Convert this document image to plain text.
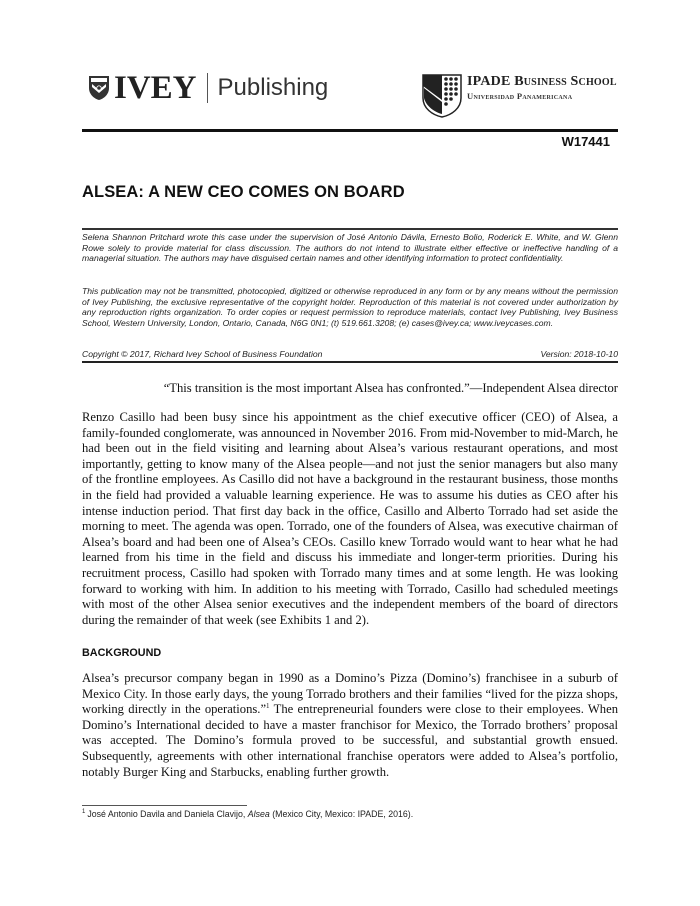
IVEY Publishing	IPADE Business School
Universidad Panamericana
W17441
ALSEA: A NEW CEO COMES ON BOARD
Selena Shannon Pritchard wrote this case under the supervision of José Antonio Dávila, Ernesto Bolio, Roderick E. White, and W. Glenn Rowe solely to provide material for class discussion. The authors do not intend to illustrate either effective or ineffective handling of a managerial situation. The authors may have disguised certain names and other identifying information to protect confidentiality.
This publication may not be transmitted, photocopied, digitized or otherwise reproduced in any form or by any means without the permission of Ivey Publishing, the exclusive representative of the copyright holder. Reproduction of this material is not covered under authorization by any reproduction rights organization. To order copies or request permission to reproduce materials, contact Ivey Publishing, Ivey Business School, Western University, London, Ontario, Canada, N6G 0N1; (t) 519.661.3208; (e) cases@ivey.ca; www.iveycases.com.
Copyright © 2017, Richard Ivey School of Business Foundation	Version: 2018-10-10
“This transition is the most important Alsea has confronted.”—Independent Alsea director
Renzo Casillo had been busy since his appointment as the chief executive officer (CEO) of Alsea, a family-founded conglomerate, was announced in November 2016. From mid-November to mid-March, he had been out in the field visiting and learning about Alsea’s various restaurant operations, and most importantly, getting to know many of the Alsea people—and not just the senior managers but also many of the frontline employees. As Casillo did not have a background in the restaurant business, those months in the field had provided a valuable learning experience. He was to assume his duties as CEO after his intense induction period. That first day back in the office, Casillo and Alberto Torrado had set aside the morning to meet. The agenda was open. Torrado, one of the founders of Alsea, was executive chairman of Alsea’s board and had been one of Alsea’s CEOs. Casillo knew Torrado would want to hear what he had learned from his time in the field and discuss his immediate and longer-term priorities. During his recruitment process, Casillo had spoken with Torrado many times and at some length. He was looking forward to working with him. In addition to his meeting with Torrado, Casillo had scheduled meetings with most of the other Alsea senior executives and the independent members of the board of directors during the remainder of that week (see Exhibits 1 and 2).
BACKGROUND
Alsea’s precursor company began in 1990 as a Domino’s Pizza (Domino’s) franchisee in a suburb of Mexico City. In those early days, the young Torrado brothers and their families “lived for the pizza shops, working directly in the operations.”$^1$ The entrepreneurial founders were close to their employees. When Domino’s International decided to have a master franchisor for Mexico, the Torrado brothers’ proposal was accepted. The Domino’s formula proved to be successful, and substantial growth ensued. Subsequently, agreements with other international franchise operators were added to Alsea’s portfolio, notably Burger King and Starbucks, enabling further growth.
$^1$ José Antonio Davila and Daniela Clavijo, Alsea (Mexico City, Mexico: IPADE, 2016).
